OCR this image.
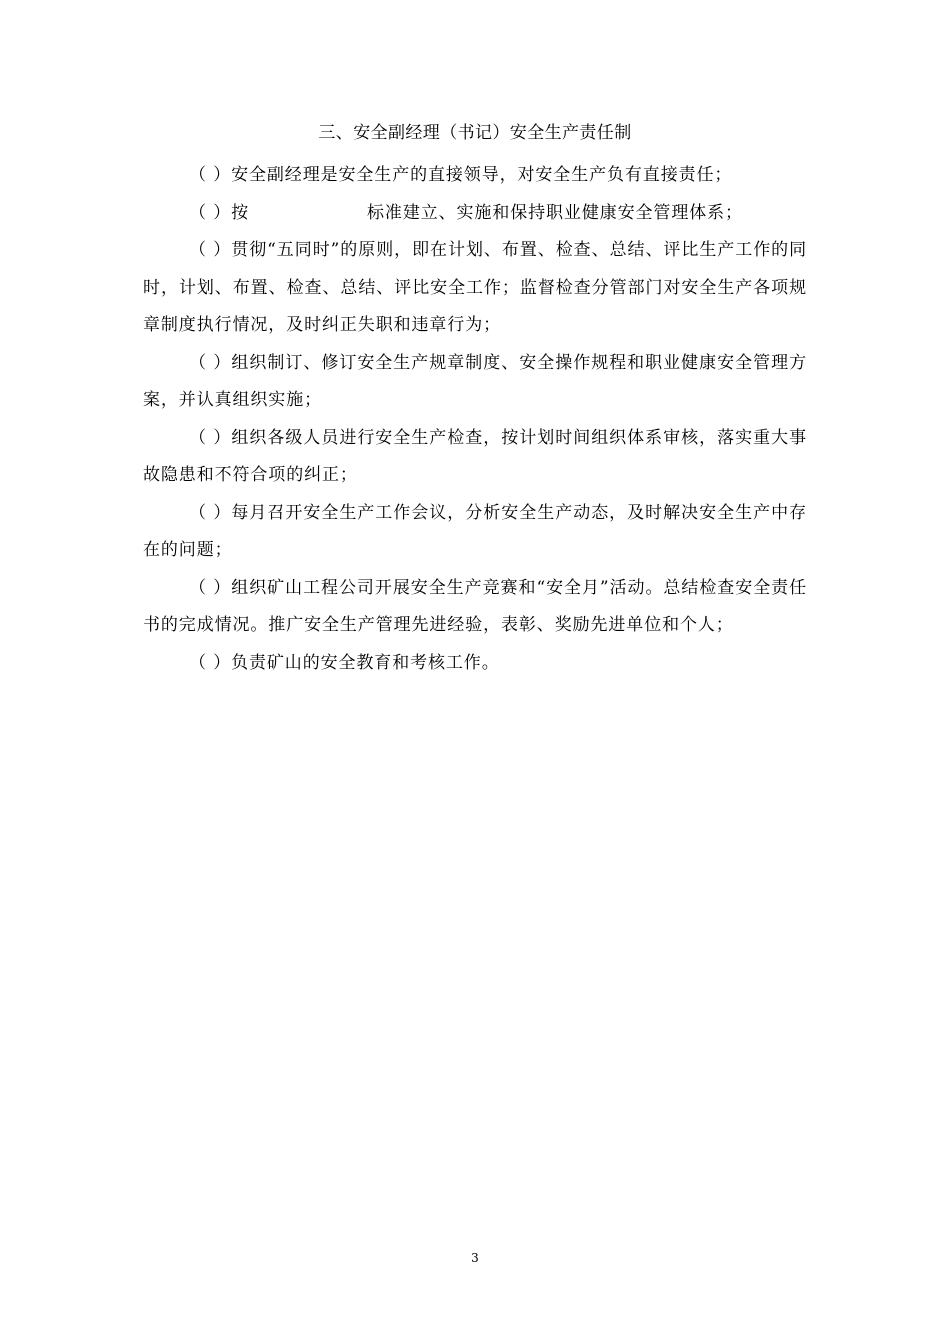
三、安全副经理（书记）安全生产责任制

（ ）安全副经理是安全生产的直接领导，对安全生产负有直接责任；

（ ）按	标准建立、实施和保持职业健康安全管理体系；

（ ）贯彻“五同时”的原则，即在计划、布置、检查、总结、评比生产工作的同时，计划、布置、检查、总结、评比安全工作；监督检查分管部门对安全生产各项规章制度执行情况，及时纠正失职和违章行为；

（ ）组织制订、修订安全生产规章制度、安全操作规程和职业健康安全管理方案，并认真组织实施；

（ ）组织各级人员进行安全生产检查，按计划时间组织体系审核，落实重大事故隐患和不符合项的纠正；

（ ）每月召开安全生产工作会议，分析安全生产动态，及时解决安全生产中存在的问题；

（ ）组织矿山工程公司开展安全生产竞赛和“安全月”活动。总结检查安全责任书的完成情况。推广安全生产管理先进经验，表彰、奖励先进单位和个人；

（ ）负责矿山的安全教育和考核工作。

3
